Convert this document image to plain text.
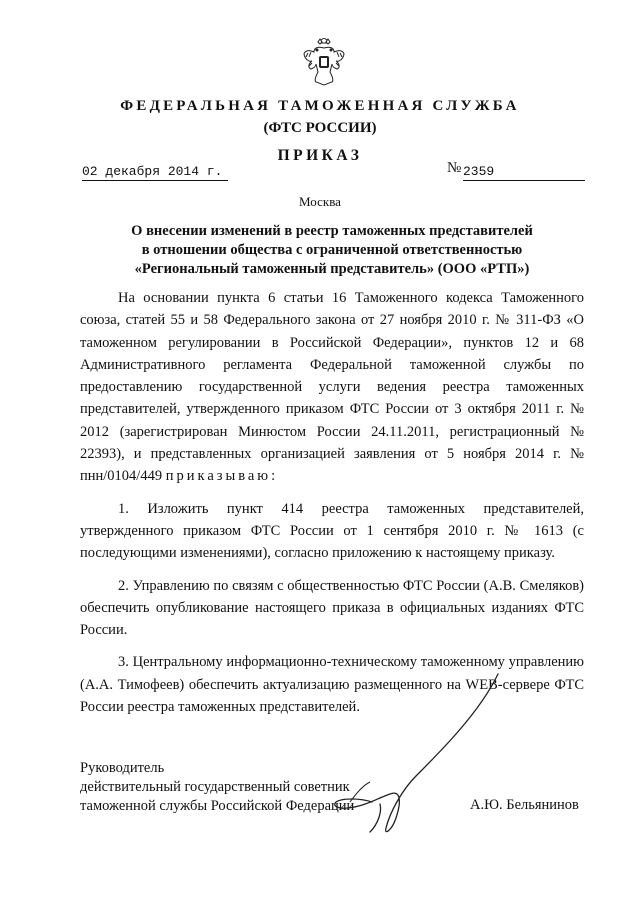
ФЕДЕРАЛЬНАЯ ТАМОЖЕННАЯ СЛУЖБА
(ФТС РОССИИ)
ПРИКАЗ
02 декабря 2014 г.	№ 2359
Москва
О внесении изменений в реестр таможенных представителей
в отношении общества с ограниченной ответственностью
«Региональный таможенный представитель» (ООО «РТП»)

На основании пункта 6 статьи 16 Таможенного кодекса Таможенного союза, статей 55 и 58 Федерального закона от 27 ноября 2010 г. № 311-ФЗ «О таможенном регулировании в Российской Федерации», пунктов 12 и 68 Административного регламента Федеральной таможенной службы по предоставлению государственной услуги ведения реестра таможенных представителей, утвержденного приказом ФТС России от 3 октября 2011 г. № 2012 (зарегистрирован Минюстом России 24.11.2011, регистрационный № 22393), и представленных организацией заявления от 5 ноября 2014 г. № пнн/0104/449 приказываю:

1. Изложить пункт 414 реестра таможенных представителей, утвержденного приказом ФТС России от 1 сентября 2010 г. № 1613 (с последующими изменениями), согласно приложению к настоящему приказу.

2. Управлению по связям с общественностью ФТС России (А.В. Смеляков) обеспечить опубликование настоящего приказа в официальных изданиях ФТС России.

3. Центральному информационно-техническому таможенному управлению (А.А. Тимофеев) обеспечить актуализацию размещенного на WEB-сервере ФТС России реестра таможенных представителей.

Руководитель
действительный государственный советник
таможенной службы Российской Федерации	А.Ю. Бельянинов
